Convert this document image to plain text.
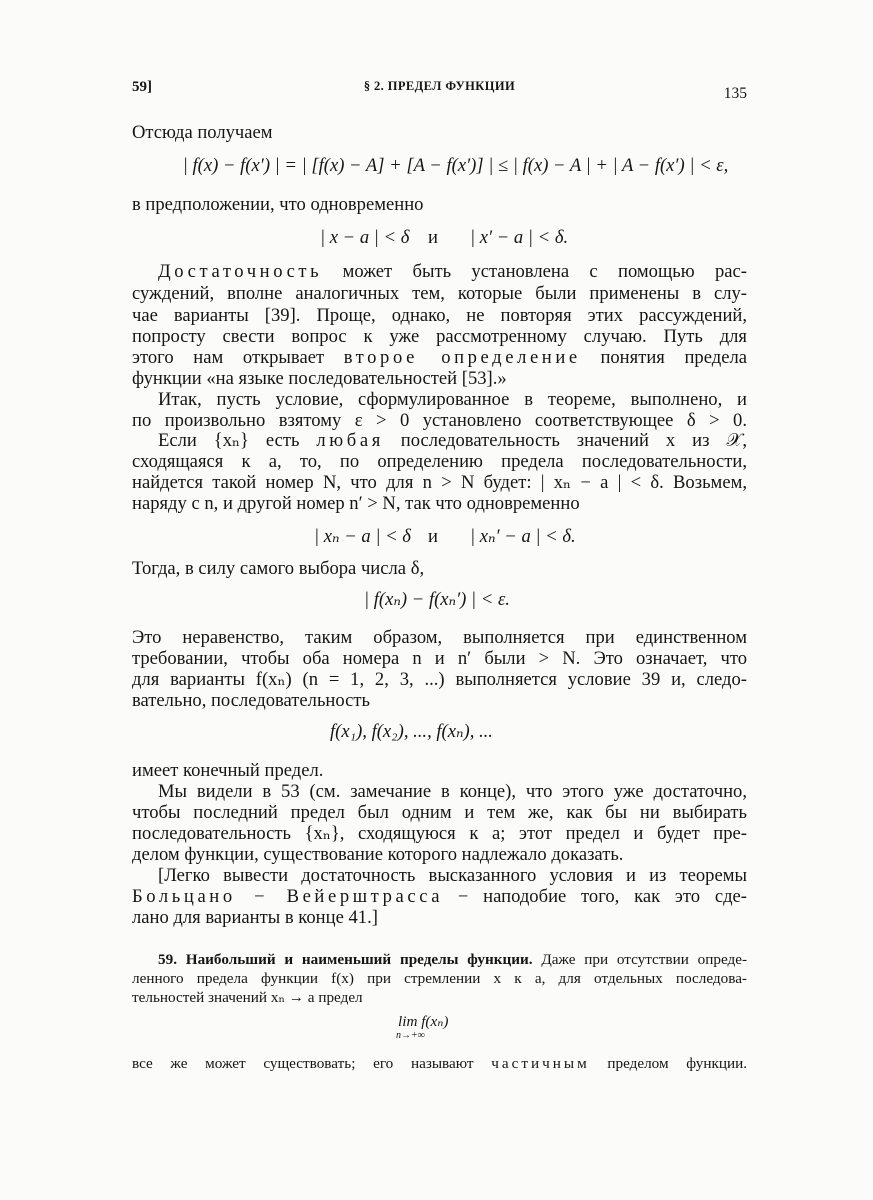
59]	§ 2. ПРЕДЕЛ ФУНКЦИИ	135
Отсюда получаем
| f(x) − f(x′) | = | [f(x) − A] + [A − f(x′)] | ≤ | f(x) − A | + | A − f(x′) | < ε,
в предположении, что одновременно
| x − a | < δ и | x′ − a | < δ.
Достаточность может быть установлена с помощью рас-
суждений, вполне аналогичных тем, которые были применены в слу-
чае варианты [39]. Проще, однако, не повторяя этих рассуждений,
попросту свести вопрос к уже рассмотренному случаю. Путь для
этого нам открывает второе определение понятия предела
функции «на языке последовательностей [53].»
Итак, пусть условие, сформулированное в теореме, выполнено, и
по произвольно взятому ε > 0 установлено соответствующее δ > 0.
Если {xₙ} есть любая последовательность значений x из 𝒳,
сходящаяся к a, то, по определению предела последовательности,
найдется такой номер N, что для n > N будет: | xₙ − a | < δ. Возьмем,
наряду с n, и другой номер n′ > N, так что одновременно
| xₙ − a | < δ и | xₙ′ − a | < δ.
Тогда, в силу самого выбора числа δ,
| f(xₙ) − f(xₙ′) | < ε.
Это неравенство, таким образом, выполняется при единственном
требовании, чтобы оба номера n и n′ были > N. Это означает, что
для варианты f(xₙ) (n = 1, 2, 3, ...) выполняется условие 39 и, следо-
вательно, последовательность
f(x₁), f(x₂), ..., f(xₙ), ...
имеет конечный предел.
Мы видели в 53 (см. замечание в конце), что этого уже достаточно,
чтобы последний предел был одним и тем же, как бы ни выбирать
последовательность {xₙ}, сходящуюся к a; этот предел и будет пре-
делом функции, существование которого надлежало доказать.
[Легко вывести достаточность высказанного условия и из теоремы
Больцано − Вейерштрасса − наподобие того, как это сде-
лано для варианты в конце 41.]
59. Наибольший и наименьший пределы функции. Даже при отсутствии опреде-
ленного предела функции f(x) при стремлении x к a, для отдельных последова-
тельностей значений xₙ → a предел
lim f(xₙ)
n→+∞
все же может существовать; его называют частичным пределом функции.
